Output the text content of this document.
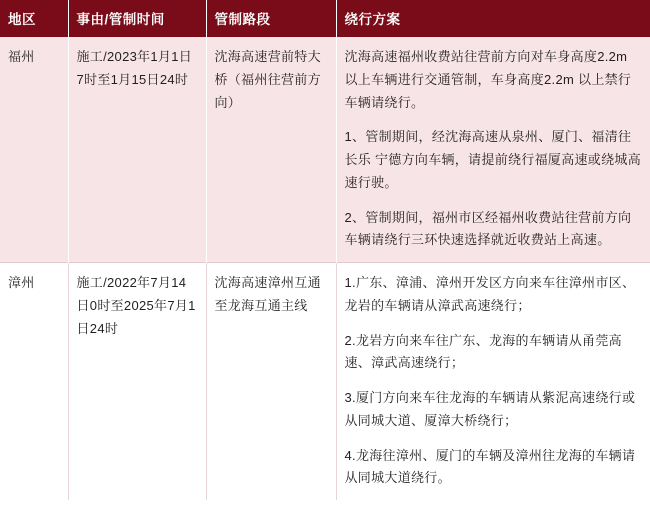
地区	事由/管制时间	管制路段	绕行方案
福州	施工/2023年1月1日7时至1月15日24时	沈海高速营前特大桥（福州往营前方向）	沈海高速福州收费站往营前方向对车身高度2.2m 以上车辆进行交通管制，车身高度2.2m 以上禁行车辆请绕行。

1、管制期间，经沈海高速从泉州、厦门、福清往长乐 宁德方向车辆，请提前绕行福厦高速或绕城高速行驶。

2、管制期间，福州市区经福州收费站往营前方向车辆请绕行三环快速选择就近收费站上高速。

漳州	施工/2022年7月14日0时至2025年7月1日24时	沈海高速漳州互通至龙海互通主线	1.广东、漳浦、漳州开发区方向来车往漳州市区、龙岩的车辆请从漳武高速绕行；

2.龙岩方向来车往广东、龙海的车辆请从甬莞高速、漳武高速绕行；

3.厦门方向来车往龙海的车辆请从紫泥高速绕行或从同城大道、厦漳大桥绕行；

4.龙海往漳州、厦门的车辆及漳州往龙海的车辆请从同城大道绕行。
